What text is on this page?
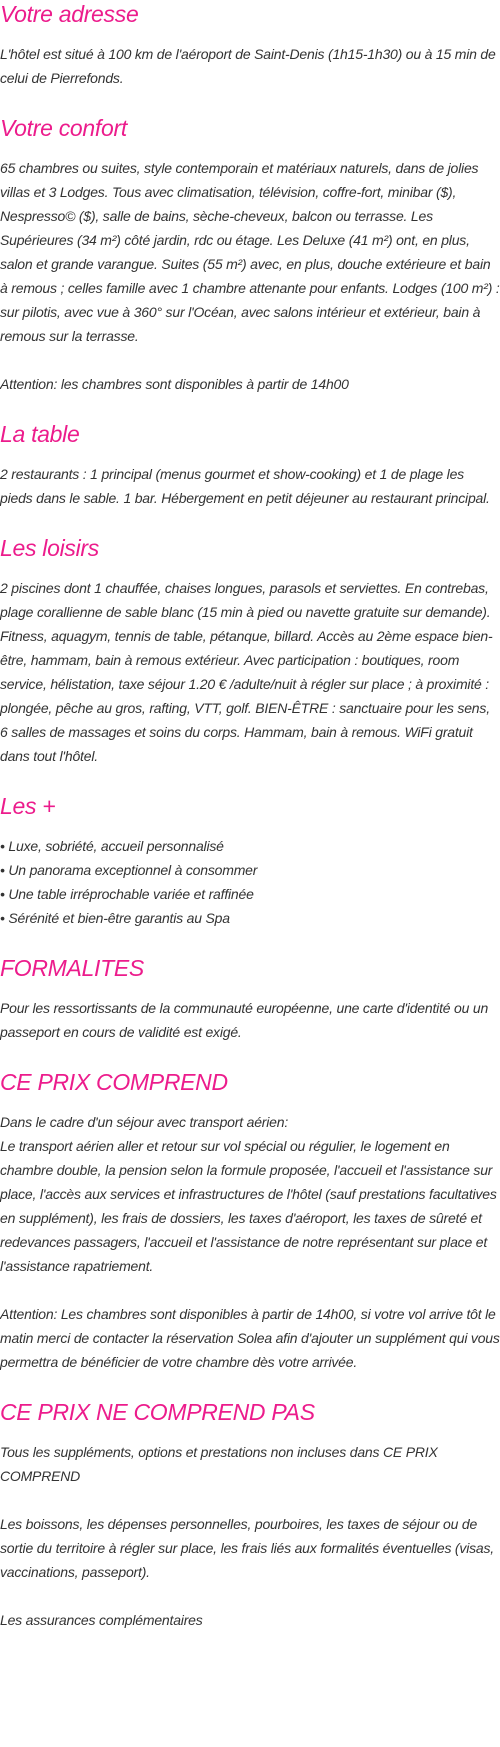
Votre adresse

L'hôtel est situé à 100 km de l'aéroport de Saint-Denis (1h15-1h30) ou à 15 min de celui de Pierrefonds.

Votre confort

65 chambres ou suites, style contemporain et matériaux naturels, dans de jolies villas et 3 Lodges. Tous avec climatisation, télévision, coffre-fort, minibar ($), Nespresso© ($), salle de bains, sèche-cheveux, balcon ou terrasse. Les Supérieures (34 m²) côté jardin, rdc ou étage. Les Deluxe (41 m²) ont, en plus, salon et grande varangue. Suites (55 m²) avec, en plus, douche extérieure et bain à remous ; celles famille avec 1 chambre attenante pour enfants. Lodges (100 m²) : sur pilotis, avec vue à 360° sur l'Océan, avec salons intérieur et extérieur, bain à remous sur la terrasse.

Attention: les chambres sont disponibles à partir de 14h00

La table

2 restaurants : 1 principal (menus gourmet et show-cooking) et 1 de plage les pieds dans le sable. 1 bar. Hébergement en petit déjeuner au restaurant principal.

Les loisirs

2 piscines dont 1 chauffée, chaises longues, parasols et serviettes. En contrebas, plage corallienne de sable blanc (15 min à pied ou navette gratuite sur demande). Fitness, aquagym, tennis de table, pétanque, billard. Accès au 2ème espace bien-être, hammam, bain à remous extérieur. Avec participation : boutiques, room service, hélistation, taxe séjour 1.20 € /adulte/nuit à régler sur place ; à proximité : plongée, pêche au gros, rafting, VTT, golf. BIEN-ÊTRE : sanctuaire pour les sens, 6 salles de massages et soins du corps. Hammam, bain à remous. WiFi gratuit dans tout l'hôtel.

Les +

• Luxe, sobriété, accueil personnalisé

• Un panorama exceptionnel à consommer

• Une table irréprochable variée et raffinée

• Sérénité et bien-être garantis au Spa

FORMALITES

Pour les ressortissants de la communauté européenne, une carte d'identité ou un passeport en cours de validité est exigé.

CE PRIX COMPREND

Dans le cadre d'un séjour avec transport aérien:

Le transport aérien aller et retour sur vol spécial ou régulier, le logement en chambre double, la pension selon la formule proposée, l'accueil et l'assistance sur place, l'accès aux services et infrastructures de l'hôtel (sauf prestations facultatives en supplément), les frais de dossiers, les taxes d'aéroport, les taxes de sûreté et redevances passagers, l'accueil et l'assistance de notre représentant sur place et l'assistance rapatriement.

Attention: Les chambres sont disponibles à partir de 14h00, si votre vol arrive tôt le matin merci de contacter la réservation Solea afin d'ajouter un supplément qui vous permettra de bénéficier de votre chambre dès votre arrivée.

CE PRIX NE COMPREND PAS

Tous les suppléments, options et prestations non incluses dans CE PRIX COMPREND

Les boissons, les dépenses personnelles, pourboires, les taxes de séjour ou de sortie du territoire à régler sur place, les frais liés aux formalités éventuelles (visas, vaccinations, passeport).

Les assurances complémentaires
